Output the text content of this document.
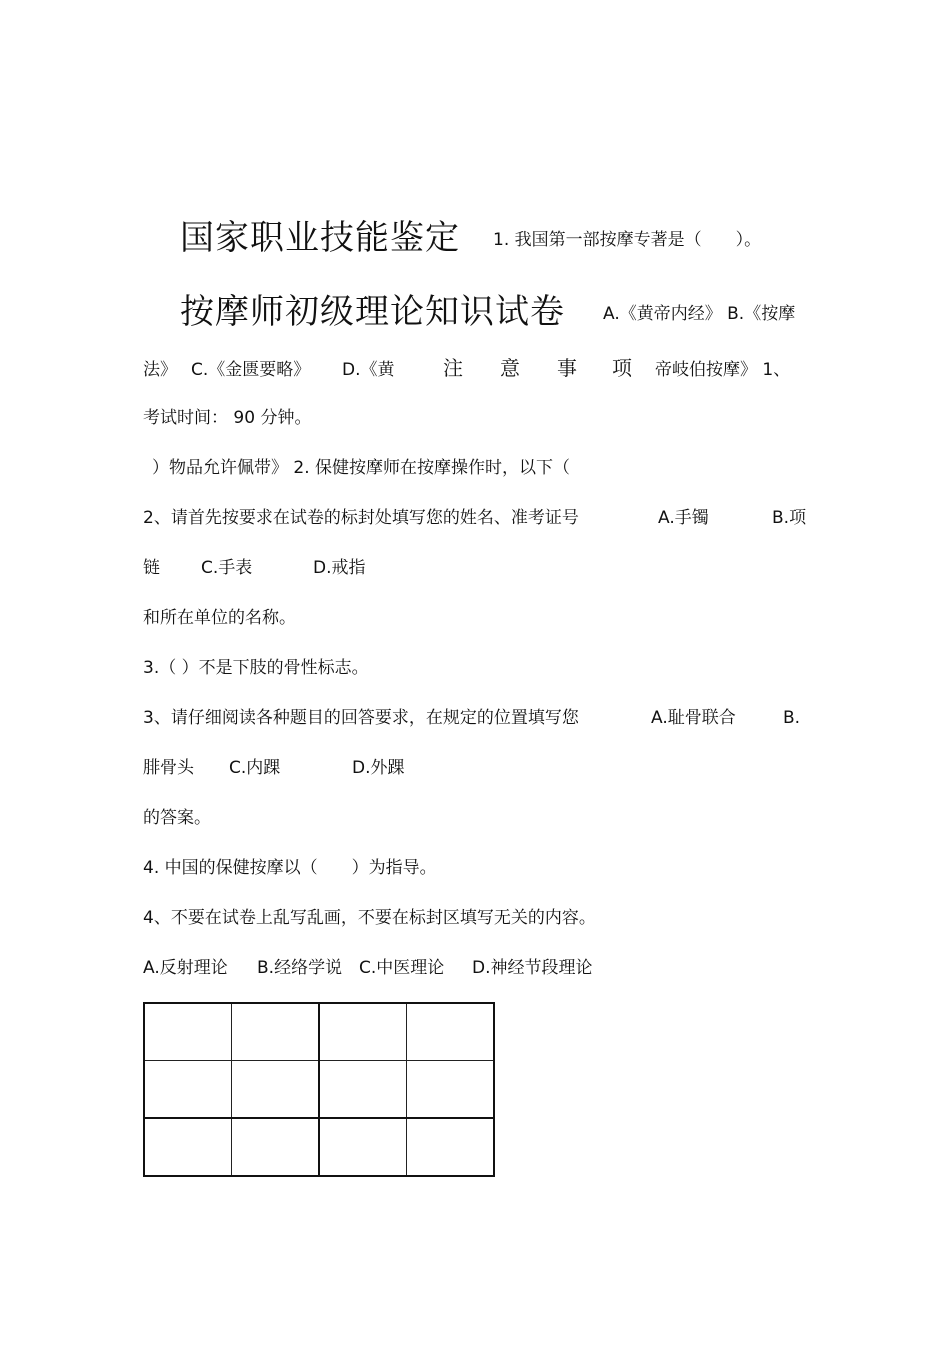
国家职业技能鉴定 1. 我国第一部按摩专著是（　　）。
按摩师初级理论知识试卷 A.《黄帝内经》 B.《按摩
法》 C.《金匮要略》 D.《黄 注 意 事 项 帝岐伯按摩》 1、
考试时间： 90 分钟。
）物品允许佩带》 2. 保健按摩师在按摩操作时，以下（
2、请首先按要求在试卷的标封处填写您的姓名、准考证号	A.手镯	B.项
链 C.手表	D.戒指
和所在单位的名称。
3.（ ）不是下肢的骨性标志。
3、请仔细阅读各种题目的回答要求，在规定的位置填写您	A.耻骨联合	B.
腓骨头 C.内踝	D.外踝
的答案。
4. 中国的保健按摩以（　　）为指导。
4、不要在试卷上乱写乱画，不要在标封区填写无关的内容。
A.反射理论 B.经络学说 C.中医理论 D.神经节段理论
